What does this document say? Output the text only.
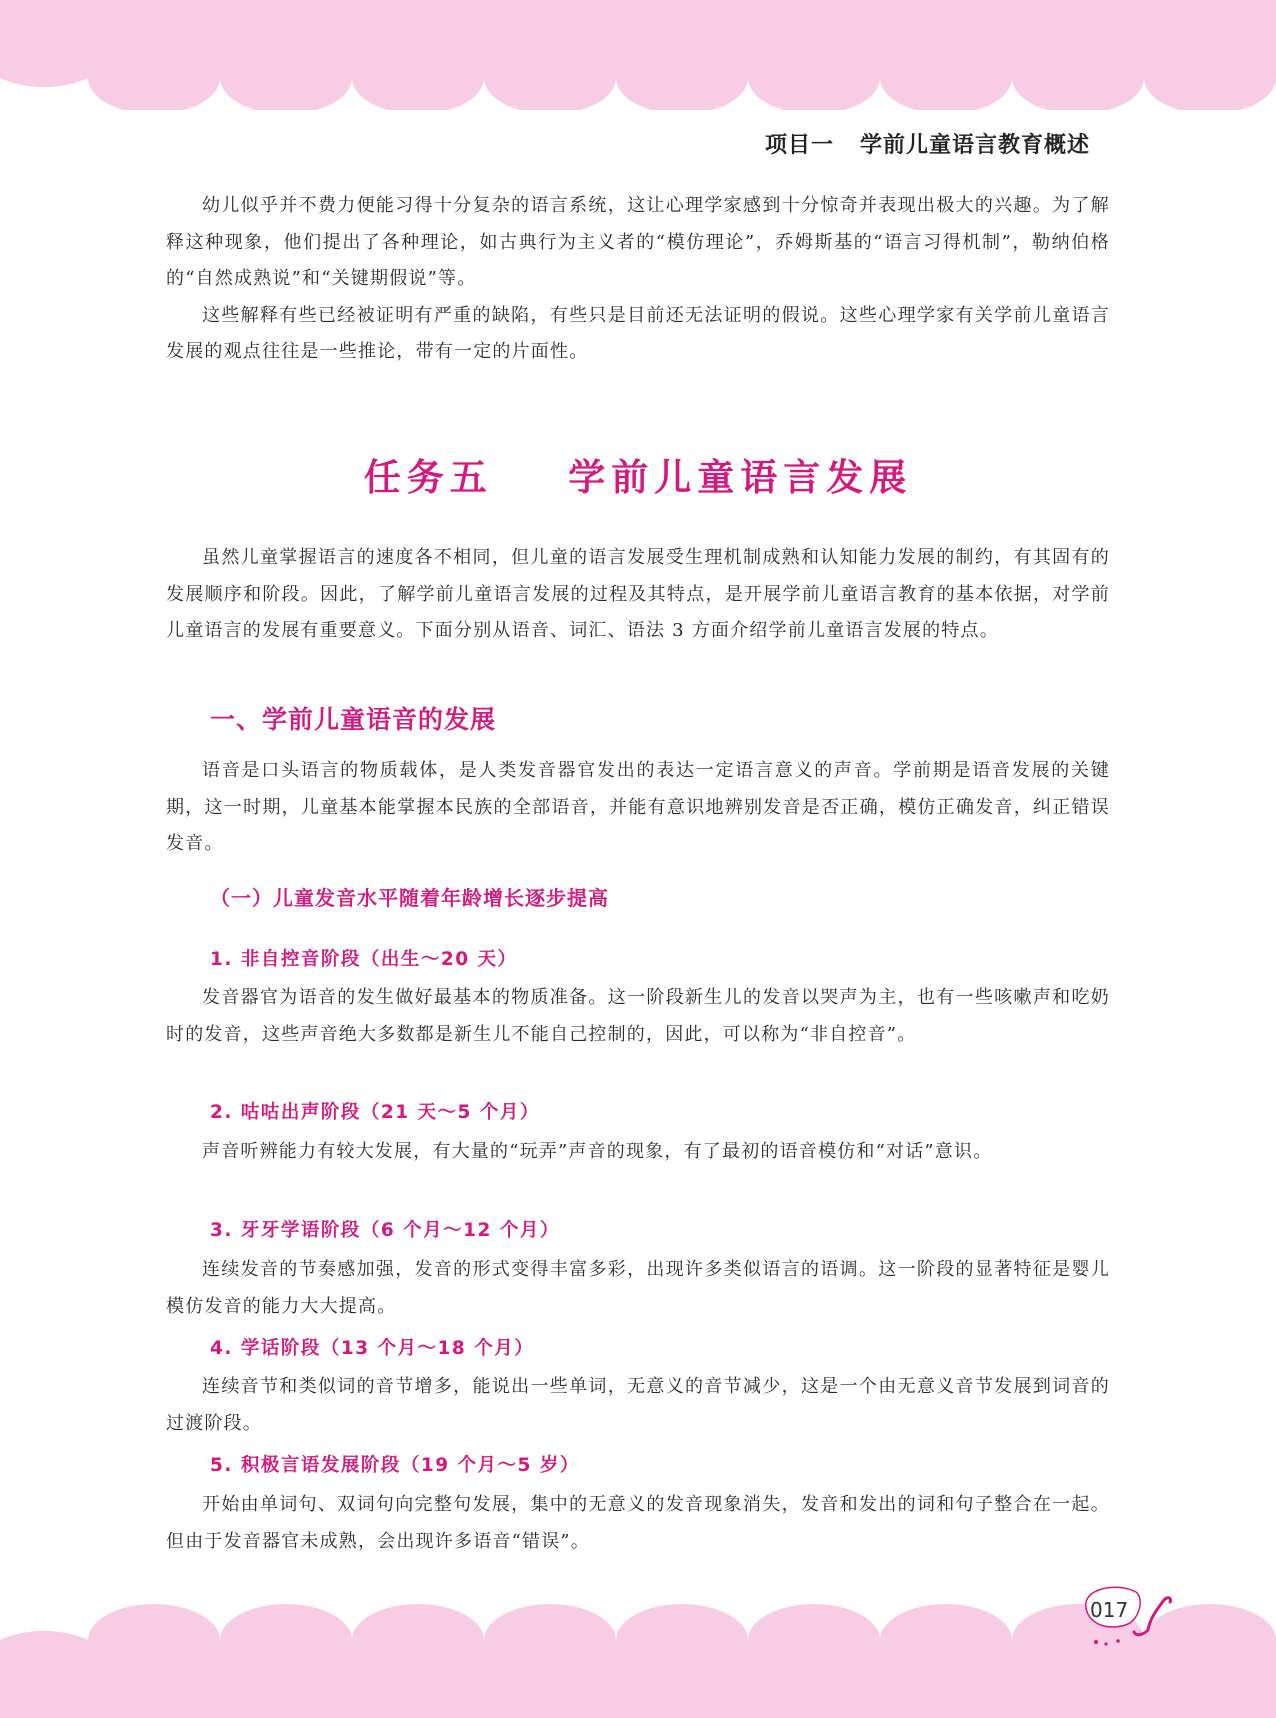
项目一   学前儿童语言教育概述

幼儿似乎并不费力便能习得十分复杂的语言系统，这让心理学家感到十分惊奇并表现出极大的兴趣。为了解释这种现象，他们提出了各种理论，如古典行为主义者的“模仿理论”，乔姆斯基的“语言习得机制”，勒纳伯格的“自然成熟说”和“关键期假说”等。

这些解释有些已经被证明有严重的缺陷，有些只是目前还无法证明的假说。这些心理学家有关学前儿童语言发展的观点往往是一些推论，带有一定的片面性。

任务五    学前儿童语言发展

虽然儿童掌握语言的速度各不相同，但儿童的语言发展受生理机制成熟和认知能力发展的制约，有其固有的发展顺序和阶段。因此，了解学前儿童语言发展的过程及其特点，是开展学前儿童语言教育的基本依据，对学前儿童语言的发展有重要意义。下面分别从语音、词汇、语法 3 方面介绍学前儿童语言发展的特点。

一、学前儿童语音的发展

语音是口头语言的物质载体，是人类发音器官发出的表达一定语言意义的声音。学前期是语音发展的关键期，这一时期，儿童基本能掌握本民族的全部语音，并能有意识地辨别发音是否正确，模仿正确发音，纠正错误发音。

（一）儿童发音水平随着年龄增长逐步提高
1. 非自控音阶段（出生～20 天）

发音器官为语音的发生做好最基本的物质准备。这一阶段新生儿的发音以哭声为主，也有一些咳嗽声和吃奶时的发音，这些声音绝大多数都是新生儿不能自己控制的，因此，可以称为“非自控音”。

2. 咕咕出声阶段（21 天～5 个月）

声音听辨能力有较大发展，有大量的“玩弄”声音的现象，有了最初的语音模仿和“对话”意识。

3. 牙牙学语阶段（6 个月～12 个月）

连续发音的节奏感加强，发音的形式变得丰富多彩，出现许多类似语言的语调。这一阶段的显著特征是婴儿模仿发音的能力大大提高。

4. 学话阶段（13 个月～18 个月）

连续音节和类似词的音节增多，能说出一些单词，无意义的音节减少，这是一个由无意义音节发展到词音的过渡阶段。

5. 积极言语发展阶段（19 个月～5 岁）

开始由单词句、双词句向完整句发展，集中的无意义的发音现象消失，发音和发出的词和句子整合在一起。但由于发音器官未成熟，会出现许多语音“错误”。

017
